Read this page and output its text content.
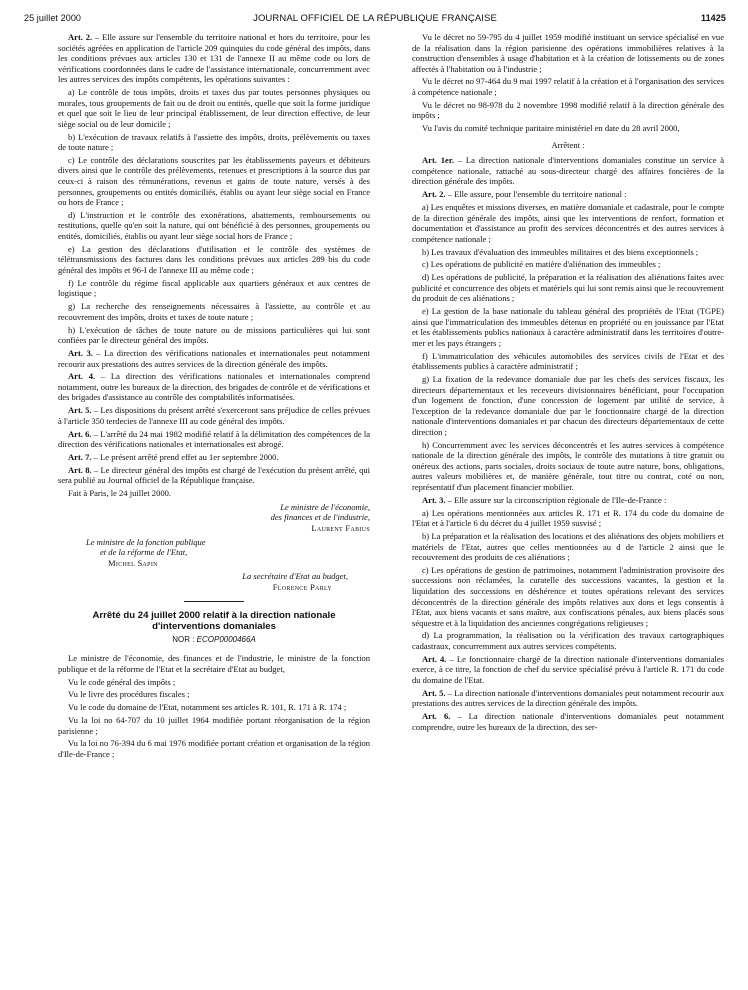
25 juillet 2000	JOURNAL OFFICIEL DE LA RÉPUBLIQUE FRANÇAISE	11425

Art. 2. – Elle assure sur l'ensemble du territoire national et hors du territoire, pour les sociétés agréées en application de l'article 209 quinquies du code général des impôts, dans les conditions prévues aux articles 130 et 131 de l'annexe II au même code ou lors de vérifications coordonnées dans le cadre de l'assistance internationale, concurremment avec les autres services des impôts compétents, les opérations suivantes :

a) Le contrôle de tous impôts, droits et taxes dus par toutes personnes physiques ou morales, tous groupements de fait ou de droit ou entités, quelle que soit la forme juridique et quel que soit le lieu de leur principal établissement, de leur direction effective, de leur siège social ou de leur domicile ;

b) L'exécution de travaux relatifs à l'assiette des impôts, droits, prélèvements ou taxes de toute nature ;

c) Le contrôle des déclarations souscrites par les établissements payeurs et débiteurs divers ainsi que le contrôle des prélèvements, retenues et prescriptions à la source dus par ceux-ci à raison des rémunérations, revenus et gains de toute nature, versés à des personnes, groupements ou entités domiciliés, établis ou ayant leur siège social en France ou hors de France ;

d) L'instruction et le contrôle des exonérations, abattements, remboursements ou restitutions, quelle qu'en soit la nature, qui ont bénéficié à des personnes, groupements ou entités, domiciliés, établis ou ayant leur siège social hors de France ;

e) La gestion des déclarations d'utilisation et le contrôle des systèmes de télétransmissions des factures dans les conditions prévues aux articles 289 bis du code général des impôts et 96-I de l'annexe III au même code ;

f) Le contrôle du régime fiscal applicable aux quartiers généraux et aux centres de logistique ;

g) La recherche des renseignements nécessaires à l'assiette, au contrôle et au recouvrement des impôts, droits et taxes de toute nature ;

h) L'exécution de tâches de toute nature ou de missions particulières qui lui sont confiées par le directeur général des impôts.

Art. 3. – La direction des vérifications nationales et internationales peut notamment recourir aux prestations des autres services de la direction générale des impôts.

Art. 4. – La direction des vérifications nationales et internationales comprend notamment, outre les bureaux de la direction, des brigades de contrôle et de vérifications et des brigades d'assistance au contrôle des comptabilités informatisées.

Art. 5. – Les dispositions du présent arrêté s'exerceront sans préjudice de celles prévues à l'article 350 terdecies de l'annexe III au code général des impôts.

Art. 6. – L'arrêté du 24 mai 1982 modifié relatif à la délimitation des compétences de la direction des vérifications nationales et internationales est abrogé.

Art. 7. – Le présent arrêté prend effet au 1er septembre 2000.

Art. 8. – Le directeur général des impôts est chargé de l'exécution du présent arrêté, qui sera publié au Journal officiel de la République française.

Fait à Paris, le 24 juillet 2000.

Le ministre de l'économie,
des finances et de l'industrie,
Laurent Fabius
Le ministre de la fonction publique
et de la réforme de l'Etat,
Michel Sapin
La secrétaire d'Etat au budget,
Florence Parly
Arrêté du 24 juillet 2000 relatif à la direction nationale d'interventions domaniales
NOR : ECOP0000466A

Le ministre de l'économie, des finances et de l'industrie, le ministre de la fonction publique et de la réforme de l'Etat et la secrétaire d'Etat au budget,

Vu le code général des impôts ;

Vu le livre des procédures fiscales ;

Vu le code du domaine de l'Etat, notamment ses articles R. 101, R. 171 à R. 174 ;

Vu la loi no 64-707 du 10 juillet 1964 modifiée portant réorganisation de la région parisienne ;

Vu la loi no 76-394 du 6 mai 1976 modifiée portant création et organisation de la région d'Ile-de-France ;

Vu le décret no 59-795 du 4 juillet 1959 modifié instituant un service spécialisé en vue de la réalisation dans la région parisienne des opérations immobilières relatives à la construction d'ensembles à usage d'habitation et à la création de lotissements ou de zones affectés à l'habitation ou à l'industrie ;

Vu le décret no 97-464 du 9 mai 1997 relatif à la création et à l'organisation des services à compétence nationale ;

Vu le décret no 98-978 du 2 novembre 1998 modifié relatif à la direction générale des impôts ;

Vu l'avis du comité technique paritaire ministériel en date du 28 avril 2000,

Arrêtent :

Art. 1er. – La direction nationale d'interventions domaniales constitue un service à compétence nationale, rattaché au sous-directeur chargé des affaires foncières de la direction générale des impôts.

Art. 2. – Elle assure, pour l'ensemble du territoire national :

a) Les enquêtes et missions diverses, en matière domaniale et cadastrale, pour le compte de la direction générale des impôts, ainsi que les interventions de renfort, formation et documentation et d'assistance au profit des services déconcentrés et des autres services à compétence nationale ;

b) Les travaux d'évaluation des immeubles militaires et des biens exceptionnels ;

c) Les opérations de publicité en matière d'aliénation des immeubles ;

d) Les opérations de publicité, la préparation et la réalisation des aliénations faites avec publicité et concurrence des objets et matériels qui lui sont remis ainsi que le recouvrement du produit de ces aliénations ;

e) La gestion de la base nationale du tableau général des propriétés de l'Etat (TGPE) ainsi que l'immatriculation des immeubles détenus en propriété ou en jouissance par l'Etat et les établissements publics nationaux à caractère administratif dans les territoires d'outre-mer et les pays étrangers ;

f) L'immatriculation des véhicules automobiles des services civils de l'Etat et des établissements publics à caractère administratif ;

g) La fixation de la redevance domaniale due par les chefs des services fiscaux, les directeurs départementaux et les receveurs divisionnaires bénéficiant, pour l'occupation d'un logement de fonction, d'une concession de logement par utilité de service, à l'exception de la redevance domaniale due par le fonctionnaire chargé de la direction nationale d'interventions domaniales et par chacun des directeurs départementaux de cette direction ;

h) Concurremment avec les services déconcentrés et les autres services à compétence nationale de la direction générale des impôts, le contrôle des mutations à titre gratuit ou onéreux des actions, parts sociales, droits sociaux de toute autre nature, bons, obligations, autres valeurs mobilières et, de manière générale, tout titre ou contrat, coté ou non, représentatif d'un placement financier mobilier.

Art. 3. – Elle assure sur la circonscription régionale de l'Ile-de-France :

a) Les opérations mentionnées aux articles R. 171 et R. 174 du code du domaine de l'Etat et à l'article 6 du décret du 4 juillet 1959 susvisé ;

b) La préparation et la réalisation des locations et des aliénations des objets mobiliers et matériels de l'Etat, autres que celles mentionnées au d de l'article 2 ainsi que le recouvrement des produits de ces aliénations ;

c) Les opérations de gestion de patrimoines, notamment l'administration provisoire des successions non réclamées, la curatelle des successions vacantes, la gestion et la liquidation des successions en déshérence et toutes opérations relevant des services déconcentrés de la direction générale des impôts relatives aux dons et legs consentis à l'Etat, aux biens vacants et sans maître, aux confiscations pénales, aux biens placés sous séquestre et à la liquidation des anciennes congrégations religieuses ;

d) La programmation, la réalisation ou la vérification des travaux cartographiques cadastraux, concurremment aux autres services compétents.

Art. 4. – Le fonctionnaire chargé de la direction nationale d'interventions domaniales exerce, à ce titre, la fonction de chef du service spécialisé prévu à l'article R. 171 du code du domaine de l'Etat.

Art. 5. – La direction nationale d'interventions domaniales peut notamment recourir aux prestations des autres services de la direction générale des impôts.

Art. 6. – La direction nationale d'interventions domaniales peut notamment comprendre, outre les bureaux de la direction, des ser-
